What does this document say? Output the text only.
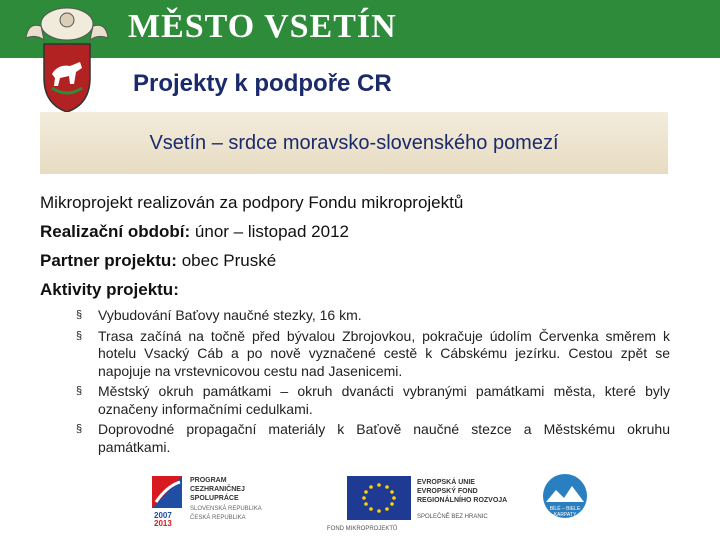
MĚSTO VSETÍN
Projekty k podpoře CR
Vsetín – srdce moravsko-slovenského pomezí
Mikroprojekt realizován za podpory Fondu mikroprojektů
Realizační období: únor – listopad 2012
Partner projektu: obec Pruské
Aktivity projektu:
§ Vybudování Baťovy naučné stezky, 16 km.
§ Trasa začíná na točně před bývalou Zbrojovkou, pokračuje údolím Červenka směrem k hotelu Vsacký Cáb a po nově vyznačené cestě k Cábskému jezírku. Cestou zpět se napojuje na vrstevnicovou cestu nad Jasenicemi.
§ Městský okruh památkami – okruh dvanácti vybranými památkami města, které byly označeny informačními cedulkami.
§ Doprovodné propagační materiály k Baťově naučné stezce a Městskému okruhu památkami.
2007
2013
PROGRAM
CEZHRANIČNEJ
SPOLUPRÁCE
SLOVENSKÁ REPUBLIKA
ČESKÁ REPUBLIKA
EVROPSKÁ UNIE
EVROPSKÝ FOND
REGIONÁLNÍHO ROZVOJA
SPOLEČNĚ BEZ HRANIC
FOND MIKROPROJEKTŮ
BÍLÉ – BIELE
KARPATY
